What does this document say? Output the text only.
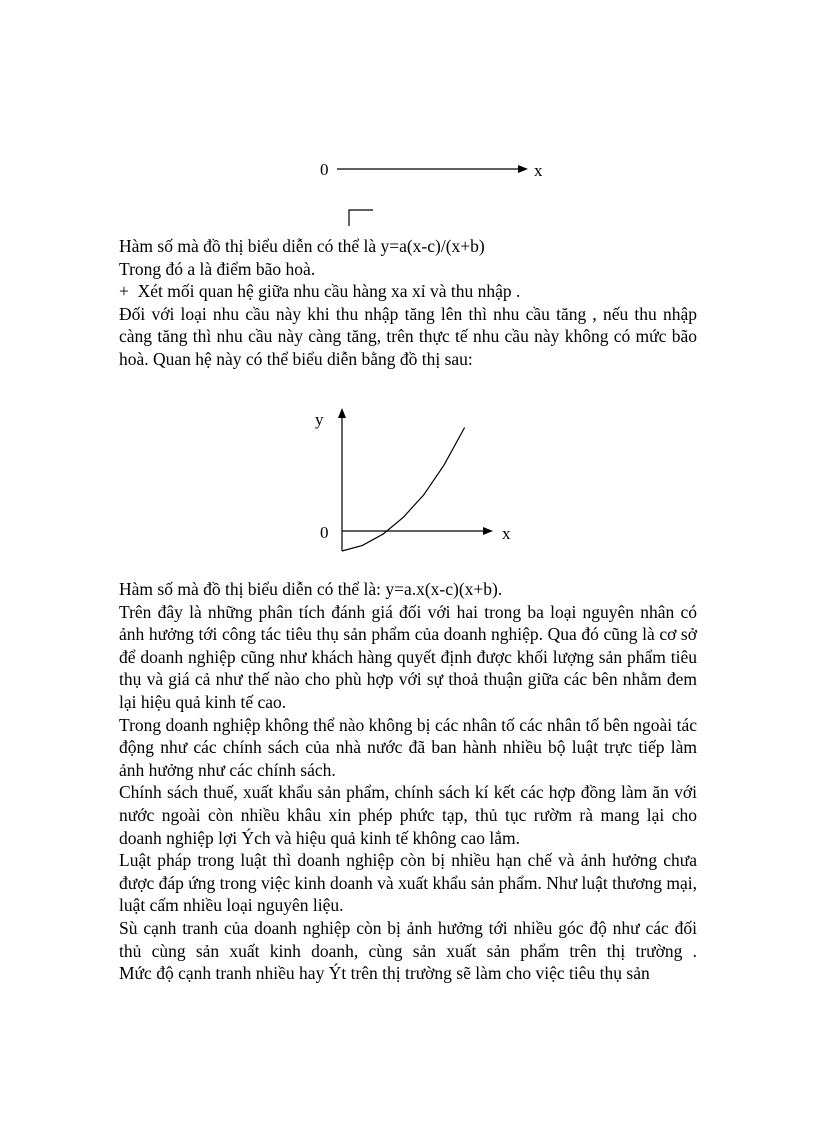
0	x

Hàm số mà đồ thị biểu diễn có thể là y=a(x-c)/(x+b)

Trong đó a là điểm bão hoà.

+  Xét mối quan hệ giữa nhu cầu hàng xa xỉ và thu nhập .

Đối với loại nhu cầu này khi thu nhập tăng lên thì nhu cầu tăng , nếu thu nhập càng tăng thì nhu cầu này càng tăng, trên thực tế nhu cầu này không có mức bão hoà. Quan hệ này có thể biểu diễn bằng đồ thị sau:

y
0	x

Hàm số mà đồ thị biểu diễn có thể là: y=a.x(x-c)(x+b).

Trên đây là những phân tích đánh giá đối với hai trong ba loại nguyên nhân có ảnh hưởng tới công tác tiêu thụ sản phẩm của doanh nghiệp. Qua đó cũng là cơ sở để doanh nghiệp cũng như khách hàng quyết định được khối lượng sản phẩm tiêu thụ và giá cả như thế nào cho phù hợp với sự thoả thuận giữa các bên nhằm đem lại hiệu quả kinh tế cao.

Trong doanh nghiệp không thể nào không bị các nhân tố các nhân tố bên ngoài tác động như các chính sách của nhà nước đã ban hành nhiều bộ luật trực tiếp làm ảnh hưởng như các chính sách.

Chính sách thuế, xuất khẩu sản phẩm, chính sách kí kết các hợp đồng làm ăn với nước ngoài còn nhiều khâu xin phép phức tạp, thủ tục rườm rà mang lại cho doanh nghiệp lợi Ých và hiệu quả kinh tế không cao lắm.

Luật pháp trong luật thì doanh nghiệp còn bị nhiều hạn chế và ảnh hưởng chưa được đáp ứng trong việc kinh doanh và xuất khẩu sản phẩm. Như luật thương mại, luật cấm nhiều loại nguyên liệu.

Sù cạnh tranh của doanh nghiệp còn bị ảnh hưởng tới nhiều góc độ như các đối thủ cùng sản xuất kinh doanh, cùng sản xuất sản phẩm trên thị trường .

Mức độ cạnh tranh nhiều hay Ýt trên thị trường sẽ làm cho việc tiêu thụ sản
